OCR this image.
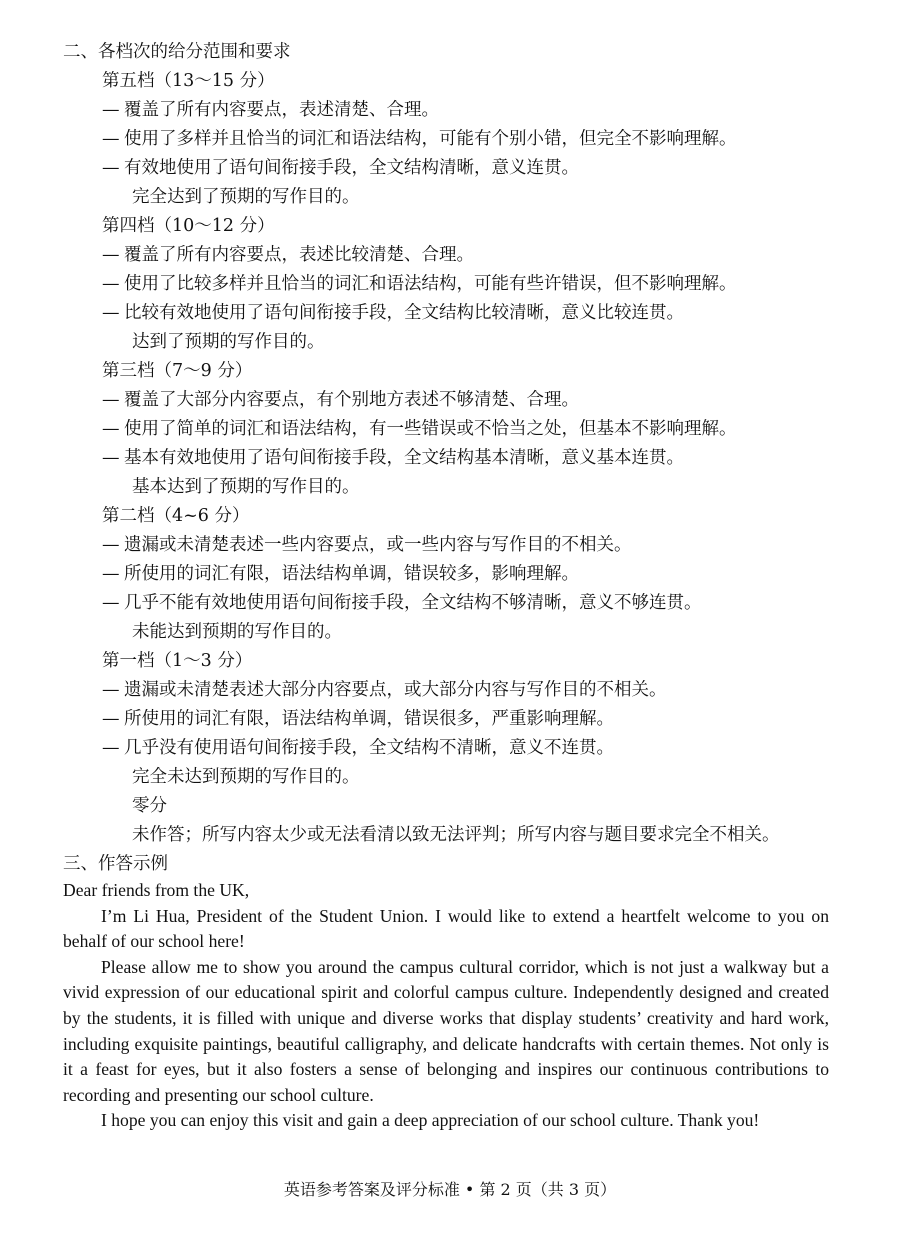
二、各档次的给分范围和要求
第五档（13～15 分）
— 覆盖了所有内容要点，表述清楚、合理。
— 使用了多样并且恰当的词汇和语法结构，可能有个别小错，但完全不影响理解。
— 有效地使用了语句间衔接手段，全文结构清晰，意义连贯。
完全达到了预期的写作目的。
第四档（10～12 分）
— 覆盖了所有内容要点，表述比较清楚、合理。
— 使用了比较多样并且恰当的词汇和语法结构，可能有些许错误，但不影响理解。
— 比较有效地使用了语句间衔接手段，全文结构比较清晰，意义比较连贯。
达到了预期的写作目的。
第三档（7～9 分）
— 覆盖了大部分内容要点，有个别地方表述不够清楚、合理。
— 使用了简单的词汇和语法结构，有一些错误或不恰当之处，但基本不影响理解。
— 基本有效地使用了语句间衔接手段，全文结构基本清晰，意义基本连贯。
基本达到了预期的写作目的。
第二档（4~6 分）
— 遗漏或未清楚表述一些内容要点，或一些内容与写作目的不相关。
— 所使用的词汇有限，语法结构单调，错误较多，影响理解。
— 几乎不能有效地使用语句间衔接手段，全文结构不够清晰，意义不够连贯。
未能达到预期的写作目的。
第一档（1～3 分）
— 遗漏或未清楚表述大部分内容要点，或大部分内容与写作目的不相关。
— 所使用的词汇有限，语法结构单调，错误很多，严重影响理解。
— 几乎没有使用语句间衔接手段，全文结构不清晰，意义不连贯。
完全未达到预期的写作目的。
零分
未作答；所写内容太少或无法看清以致无法评判；所写内容与题目要求完全不相关。
三、作答示例

Dear friends from the UK,

I’m Li Hua, President of the Student Union. I would like to extend a heartfelt welcome to you on behalf of our school here!

Please allow me to show you around the campus cultural corridor, which is not just a walkway but a vivid expression of our educational spirit and colorful campus culture. Independently designed and created by the students, it is filled with unique and diverse works that display students’ creativity and hard work, including exquisite paintings, beautiful calligraphy, and delicate handcrafts with certain themes. Not only is it a feast for eyes, but it also fosters a sense of belonging and inspires our continuous contributions to recording and presenting our school culture.

I hope you can enjoy this visit and gain a deep appreciation of our school culture. Thank you!

英语参考答案及评分标准 • 第 2 页（共 3 页）
